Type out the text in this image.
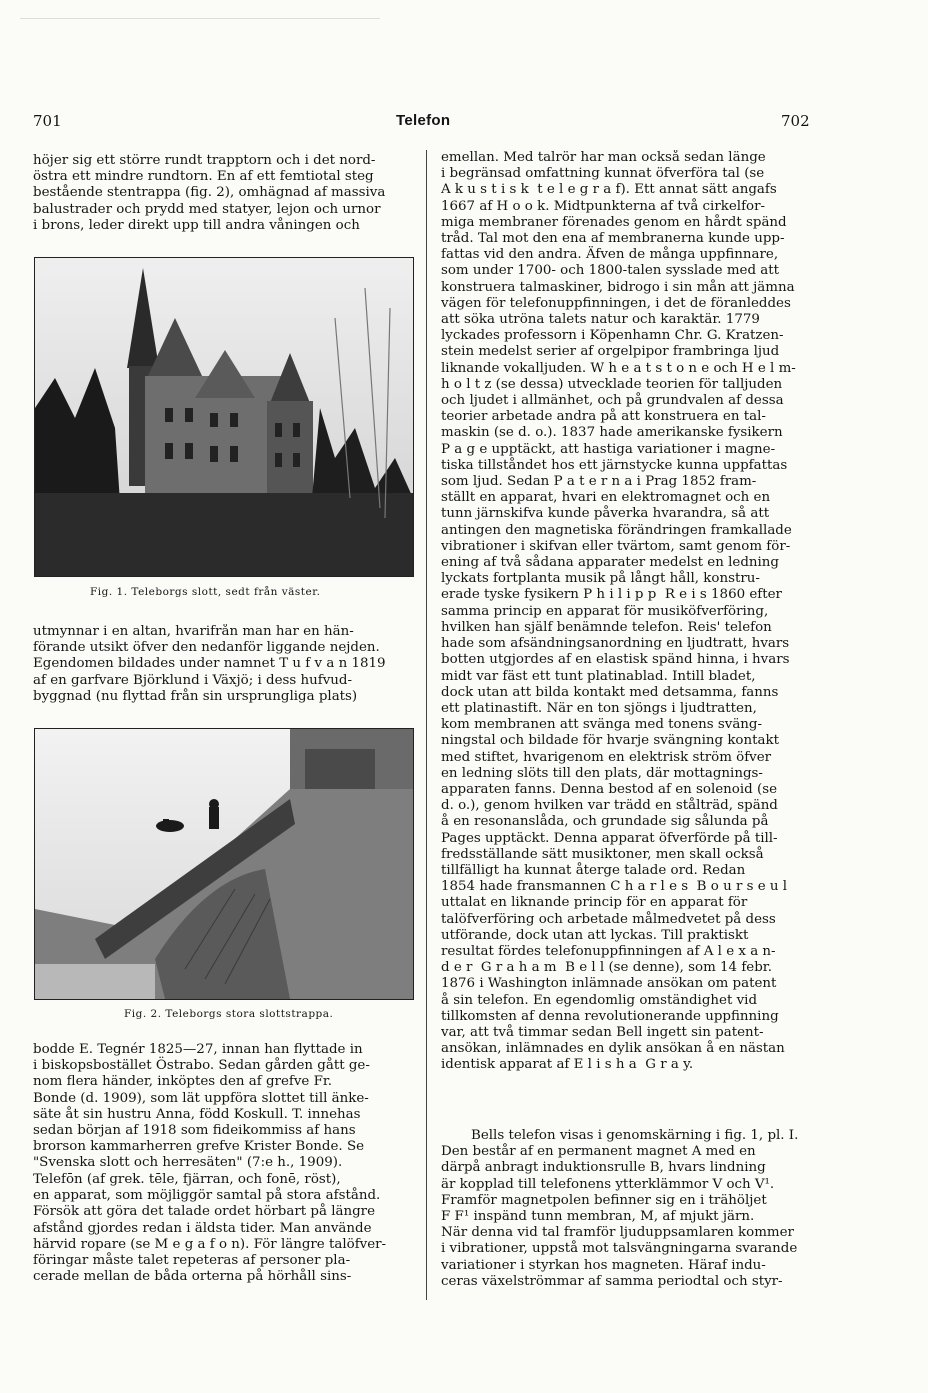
701	Telefon	702

höjer sig ett större rundt trapptorn och i det nord-

östra ett mindre rundtorn. En af ett femtiotal steg

bestående stentrappa (fig. 2), omhägnad af massiva

balustrader och prydd med statyer, lejon och urnor

i brons, leder direkt upp till andra våningen och

Fig. 1. Teleborgs slott, sedt från väster.

utmynnar i en altan, hvarifrån man har en hän-

förande utsikt öfver den nedanför liggande nejden.

Egendomen bildades under namnet T u f v a n 1819

af en garfvare Björklund i Växjö; i dess hufvud-

byggnad (nu flyttad från sin ursprungliga plats)

Fig. 2. Teleborgs stora slottstrappa.

bodde E. Tegnér 1825—27, innan han flyttade in

i biskopsbostället Östrabo. Sedan gården gått ge-

nom flera händer, inköptes den af grefve Fr.

Bonde (d. 1909), som lät uppföra slottet till änke-

säte åt sin hustru Anna, född Koskull. T. innehas

sedan början af 1918 som fideikommiss af hans

brorson kammarherren grefve Krister Bonde. Se

"Svenska slott och herresäten" (7:e h., 1909).

Telefōn (af grek. tēle, fjärran, och fonē, röst),

en apparat, som möjliggör samtal på stora afstånd.

Försök att göra det talade ordet hörbart på längre

afstånd gjordes redan i äldsta tider. Man använde

härvid ropare (se M e g a f o n). För längre talöfver-

föringar måste talet repeteras af personer pla-

cerade mellan de båda orterna på hörhåll sins-

emellan. Med talrör har man också sedan länge

i begränsad omfattning kunnat öfverföra tal (se

A k u s t i s k  t e l e g r a f). Ett annat sätt angafs

1667 af H o o k. Midtpunkterna af två cirkelfor-

miga membraner förenades genom en hårdt spänd

tråd. Tal mot den ena af membranerna kunde upp-

fattas vid den andra. Äfven de många uppfinnare,

som under 1700- och 1800-talen sysslade med att

konstruera talmaskiner, bidrogo i sin mån att jämna

vägen för telefonuppfinningen, i det de föranleddes

att söka utröna talets natur och karaktär. 1779

lyckades professorn i Köpenhamn Chr. G. Kratzen-

stein medelst serier af orgelpipor frambringa ljud

liknande vokalljuden. W h e a t s t o n e och H e l m-

h o l t z (se dessa) utvecklade teorien för talljuden

och ljudet i allmänhet, och på grundvalen af dessa

teorier arbetade andra på att konstruera en tal-

maskin (se d. o.). 1837 hade amerikanske fysikern

P a g e upptäckt, att hastiga variationer i magne-

tiska tillståndet hos ett järnstycke kunna uppfattas

som ljud. Sedan P a t e r n a i Prag 1852 fram-

ställt en apparat, hvari en elektromagnet och en

tunn järnskifva kunde påverka hvarandra, så att

antingen den magnetiska förändringen framkallade

vibrationer i skifvan eller tvärtom, samt genom för-

ening af två sådana apparater medelst en ledning

lyckats fortplanta musik på långt håll, konstru-

erade tyske fysikern P h i l i p p  R e i s 1860 efter

samma princip en apparat för musiköfverföring,

hvilken han själf benämnde telefon. Reis' telefon

hade som afsändningsanordning en ljudtratt, hvars

botten utgjordes af en elastisk spänd hinna, i hvars

midt var fäst ett tunt platinablad. Intill bladet,

dock utan att bilda kontakt med detsamma, fanns

ett platinastift. När en ton sjöngs i ljudtratten,

kom membranen att svänga med tonens sväng-

ningstal och bildade för hvarje svängning kontakt

med stiftet, hvarigenom en elektrisk ström öfver

en ledning slöts till den plats, där mottagnings-

apparaten fanns. Denna bestod af en solenoid (se

d. o.), genom hvilken var trädd en stålträd, spänd

å en resonanslåda, och grundade sig sålunda på

Pages upptäckt. Denna apparat öfverförde på till-

fredsställande sätt musiktoner, men skall också

tillfälligt ha kunnat återge talade ord. Redan

1854 hade fransmannen C h a r l e s  B o u r s e u l

uttalat en liknande princip för en apparat för

talöfverföring och arbetade målmedvetet på dess

utförande, dock utan att lyckas. Till praktiskt

resultat fördes telefonuppfinningen af A l e x a n-

d e r  G r a h a m  B e l l (se denne), som 14 febr.

1876 i Washington inlämnade ansökan om patent

å sin telefon. En egendomlig omständighet vid

tillkomsten af denna revolutionerande uppfinning

var, att två timmar sedan Bell ingett sin patent-

ansökan, inlämnades en dylik ansökan å en nästan

identisk apparat af E l i s h a  G r a y.

Bells telefon visas i genomskärning i fig. 1, pl. I.

Den består af en permanent magnet A med en

därpå anbragt induktionsrulle B, hvars lindning

är kopplad till telefonens ytterklämmor V och V¹.

Framför magnetpolen befinner sig en i trähöljet

F F¹ inspänd tunn membran, M, af mjukt järn.

När denna vid tal framför ljuduppsamlaren kommer

i vibrationer, uppstå mot talsvängningarna svarande

variationer i styrkan hos magneten. Häraf indu-

ceras växelströmmar af samma periodtal och styr-
